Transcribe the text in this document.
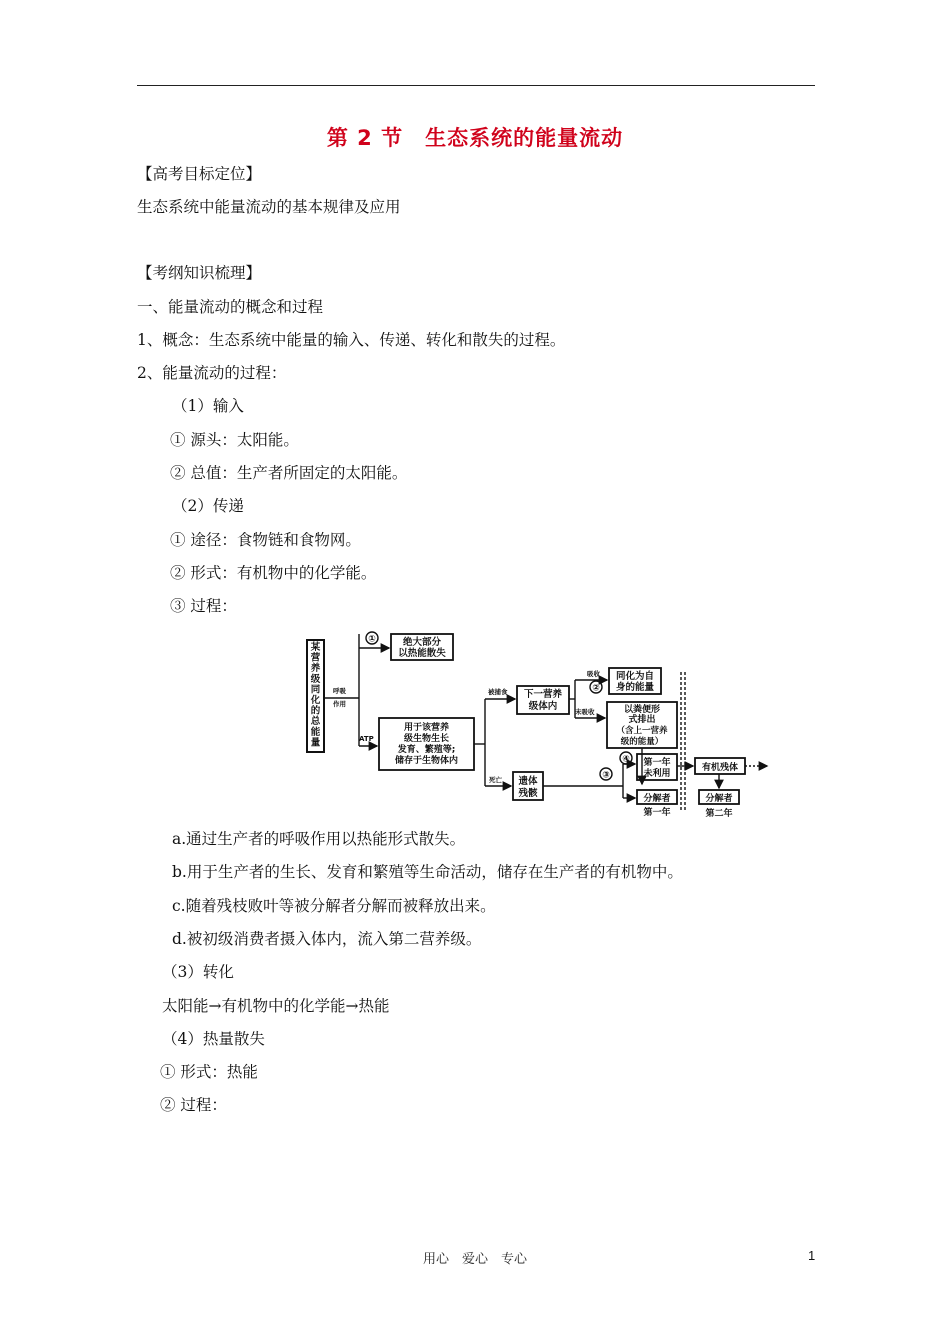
第 2 节　生态系统的能量流动
【高考目标定位】
生态系统中能量流动的基本规律及应用
【考纲知识梳理】
一、能量流动的概念和过程
1、概念：生态系统中能量的输入、传递、转化和散失的过程。
2、能量流动的过程：
（1）输入
① 源头：太阳能。
② 总值：生产者所固定的太阳能。
（2）传递
① 途径：食物链和食物网。
② 形式：有机物中的化学能。
③ 过程：
某营养级同化的总能量
①	绝大部分
以热能散失
呼吸
作用
ATP
用于该营养
级生物生长
发育、繁殖等;
储存于生物体内
被捕食 下一营养
级体内
吸收
②
同化为自
身的能量
未吸收	以粪便形
式排出
（含上一营养
级的能量）
死亡 遗体
残骸
③
④ 第一年
未利用
分解者
第一年
有机残体
分解者
第二年
a.通过生产者的呼吸作用以热能形式散失。
b.用于生产者的生长、发育和繁殖等生命活动，储存在生产者的有机物中。
c.随着残枝败叶等被分解者分解而被释放出来。
d.被初级消费者摄入体内，流入第二营养级。
（3）转化
太阳能→有机物中的化学能→热能
（4）热量散失
① 形式：热能
② 过程：
用心　爱心　专心	1
